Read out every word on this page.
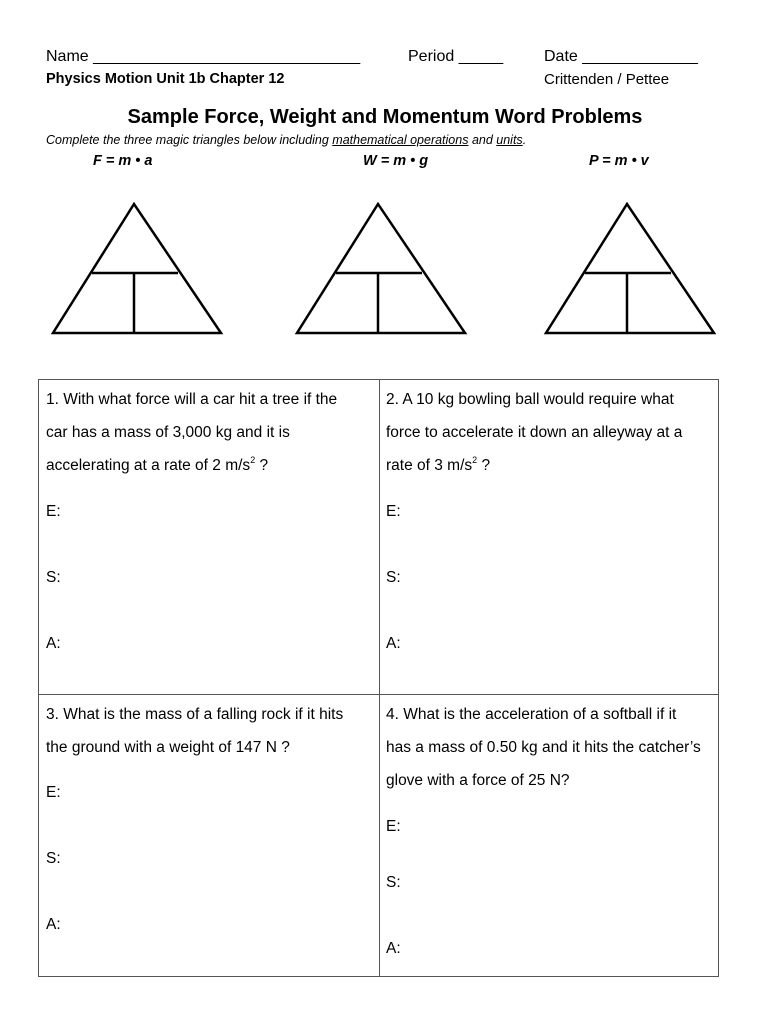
Name ______________________________	Period _____	Date _____________
Physics Motion Unit 1b Chapter 12	Crittenden / Pettee
Sample Force, Weight and Momentum Word Problems
Complete the three magic triangles below including mathematical operations and units.
F = m • a	W = m • g	P = m • v

1. With what force will a car hit a tree if the

car has a mass of 3,000 kg and it is

accelerating at a rate of 2 $m/s^2$ ?

E:
S:
A:

2. A 10 kg bowling ball would require what

force to accelerate it down an alleyway at a

rate of 3 $m/s^2$ ?

E:
S:
A:

3. What is the mass of a falling rock if it hits

the ground with a weight of 147 N ?

E:
S:
A:

4. What is the acceleration of a softball if it

has a mass of 0.50 kg and it hits the catcher’s

glove with a force of 25 N?

E:
S:
A:
